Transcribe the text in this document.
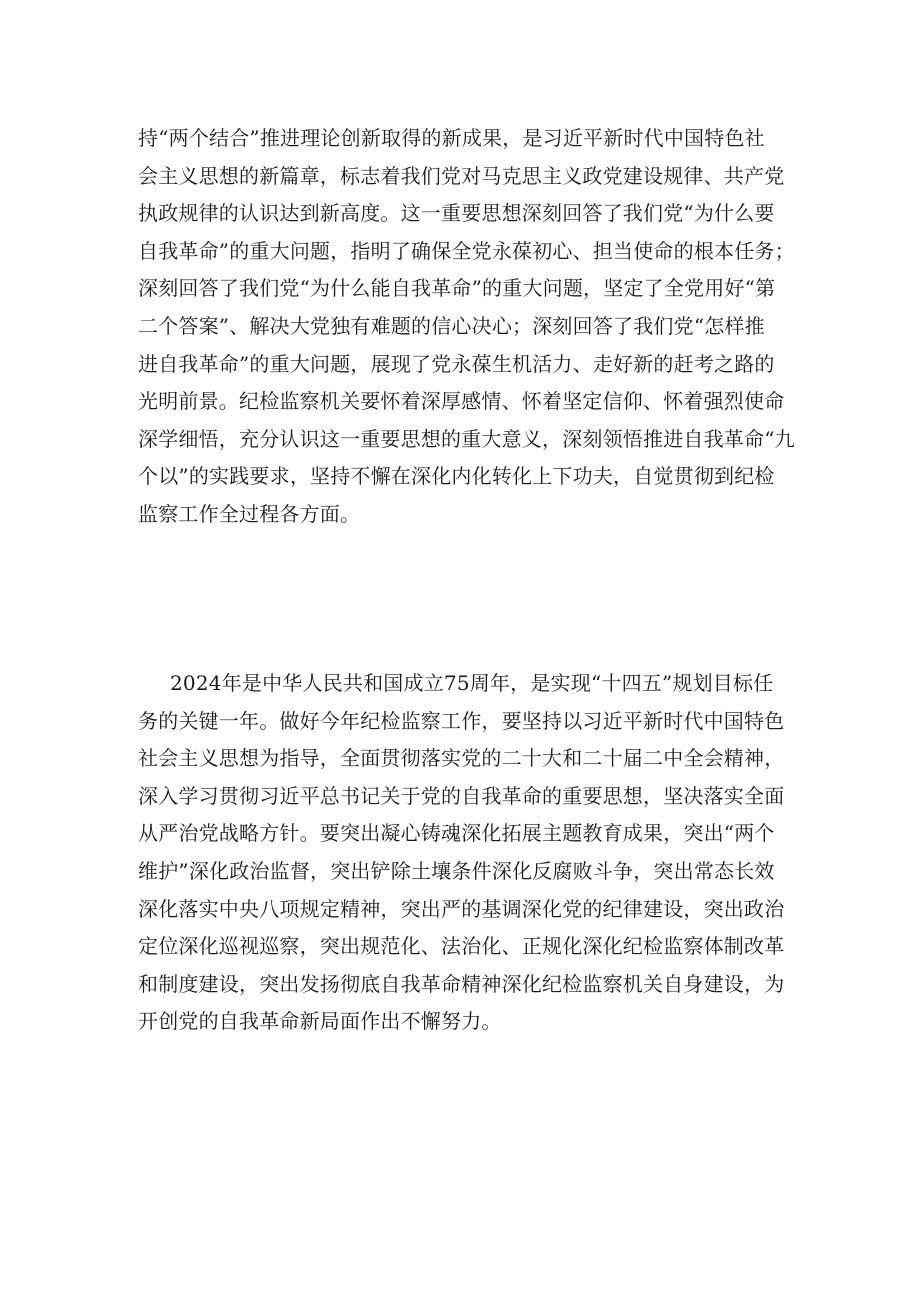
持“两个结合”推进理论创新取得的新成果，是习近平新时代中国特色社
会主义思想的新篇章，标志着我们党对马克思主义政党建设规律、共产党
执政规律的认识达到新高度。这一重要思想深刻回答了我们党“为什么要
自我革命”的重大问题，指明了确保全党永葆初心、担当使命的根本任务；
深刻回答了我们党“为什么能自我革命”的重大问题，坚定了全党用好“第
二个答案”、解决大党独有难题的信心决心；深刻回答了我们党“怎样推
进自我革命”的重大问题，展现了党永葆生机活力、走好新的赶考之路的
光明前景。纪检监察机关要怀着深厚感情、怀着坚定信仰、怀着强烈使命
深学细悟，充分认识这一重要思想的重大意义，深刻领悟推进自我革命“九
个以”的实践要求，坚持不懈在深化内化转化上下功夫，自觉贯彻到纪检
监察工作全过程各方面。
2024年是中华人民共和国成立75周年，是实现“十四五”规划目标任
务的关键一年。做好今年纪检监察工作，要坚持以习近平新时代中国特色
社会主义思想为指导，全面贯彻落实党的二十大和二十届二中全会精神，
深入学习贯彻习近平总书记关于党的自我革命的重要思想，坚决落实全面
从严治党战略方针。要突出凝心铸魂深化拓展主题教育成果，突出“两个
维护”深化政治监督，突出铲除土壤条件深化反腐败斗争，突出常态长效
深化落实中央八项规定精神，突出严的基调深化党的纪律建设，突出政治
定位深化巡视巡察，突出规范化、法治化、正规化深化纪检监察体制改革
和制度建设，突出发扬彻底自我革命精神深化纪检监察机关自身建设，为
开创党的自我革命新局面作出不懈努力。
